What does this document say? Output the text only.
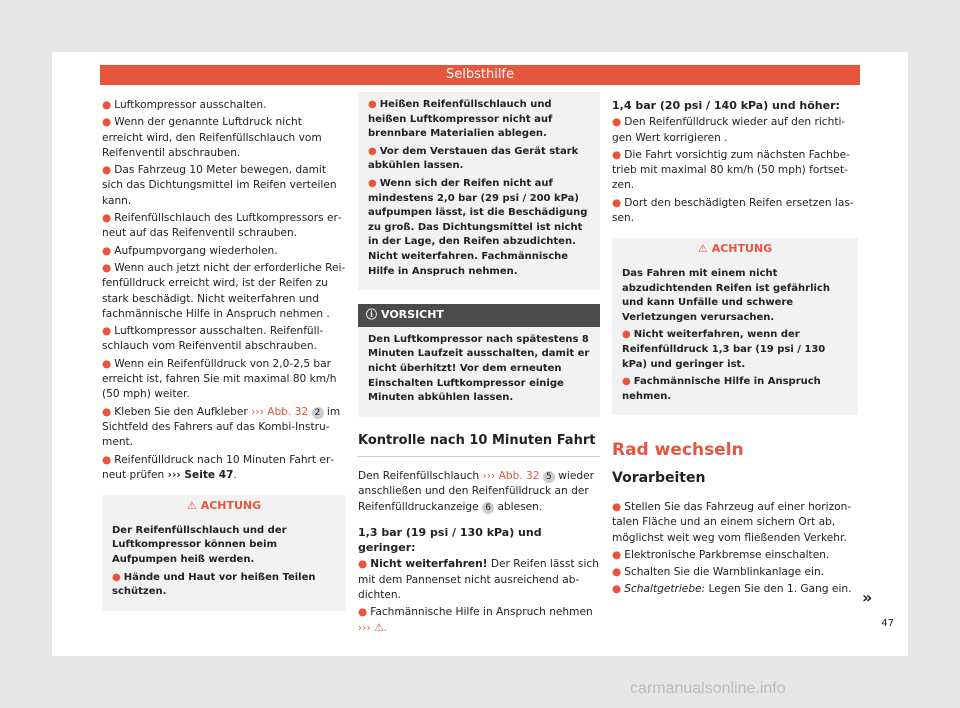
Selbsthilfe

● Luftkompressor ausschalten.

● Wenn der genannte Luftdruck nicht erreicht wird, den Reifenfüllschlauch vom Reifenventil abschrauben.

● Das Fahrzeug 10 Meter bewegen, damit sich das Dichtungsmittel im Reifen verteilen kann.

● Reifenfüllschlauch des Luftkompressors erneut auf das Reifenventil schrauben.

● Aufpumpvorgang wiederholen.

● Wenn auch jetzt nicht der erforderliche Reifenfülldruck erreicht wird, ist der Reifen zu stark beschädigt. Nicht weiterfahren und fachmännische Hilfe in Anspruch nehmen .

● Luftkompressor ausschalten. Reifenfüllschlauch vom Reifenventil abschrauben.

● Wenn ein Reifenfülldruck von 2,0-2,5 bar erreicht ist, fahren Sie mit maximal 80 km/h (50 mph) weiter.

● Kleben Sie den Aufkleber ››› Abb. 32 2 im Sichtfeld des Fahrers auf das Kombi-Instrument.

● Reifenfülldruck nach 10 Minuten Fahrt erneut prüfen ››› Seite 47.

⚠ ACHTUNG

Der Reifenfüllschlauch und der Luftkompressor können beim Aufpumpen heiß werden.

● Hände und Haut vor heißen Teilen schützen.

● Heißen Reifenfüllschlauch und heißen Luftkompressor nicht auf brennbare Materialien ablegen.

● Vor dem Verstauen das Gerät stark abkühlen lassen.

● Wenn sich der Reifen nicht auf mindestens 2,0 bar (29 psi / 200 kPa) aufpumpen lässt, ist die Beschädigung zu groß. Das Dichtungsmittel ist nicht in der Lage, den Reifen abzudichten. Nicht weiterfahren. Fachmännische Hilfe in Anspruch nehmen.

ⓘ VORSICHT

Den Luftkompressor nach spätestens 8 Minuten Laufzeit ausschalten, damit er nicht überhitzt! Vor dem erneuten Einschalten Luftkompressor einige Minuten abkühlen lassen.

Kontrolle nach 10 Minuten Fahrt

Den Reifenfüllschlauch ››› Abb. 32 5 wieder anschließen und den Reifenfülldruck an der Reifenfülldruckanzeige 6 ablesen.

1,3 bar (19 psi / 130 kPa) und geringer:

● Nicht weiterfahren! Der Reifen lässt sich mit dem Pannenset nicht ausreichend abdichten.

● Fachmännische Hilfe in Anspruch nehmen ››› ⚠.

1,4 bar (20 psi / 140 kPa) und höher:

● Den Reifenfülldruck wieder auf den richtigen Wert korrigieren .

● Die Fahrt vorsichtig zum nächsten Fachbetrieb mit maximal 80 km/h (50 mph) fortsetzen.

● Dort den beschädigten Reifen ersetzen lassen.

⚠ ACHTUNG

Das Fahren mit einem nicht abzudichtenden Reifen ist gefährlich und kann Unfälle und schwere Verletzungen verursachen.

● Nicht weiterfahren, wenn der Reifenfülldruck 1,3 bar (19 psi / 130 kPa) und geringer ist.

● Fachmännische Hilfe in Anspruch nehmen.

Rad wechseln

Vorarbeiten

● Stellen Sie das Fahrzeug auf einer horizontalen Fläche und an einem sichern Ort ab, möglichst weit weg vom fließenden Verkehr.

● Elektronische Parkbremse einschalten.

● Schalten Sie die Warnblinkanlage ein.

● Schaltgetriebe: Legen Sie den 1. Gang ein. »
47
carmanualsonline.info
